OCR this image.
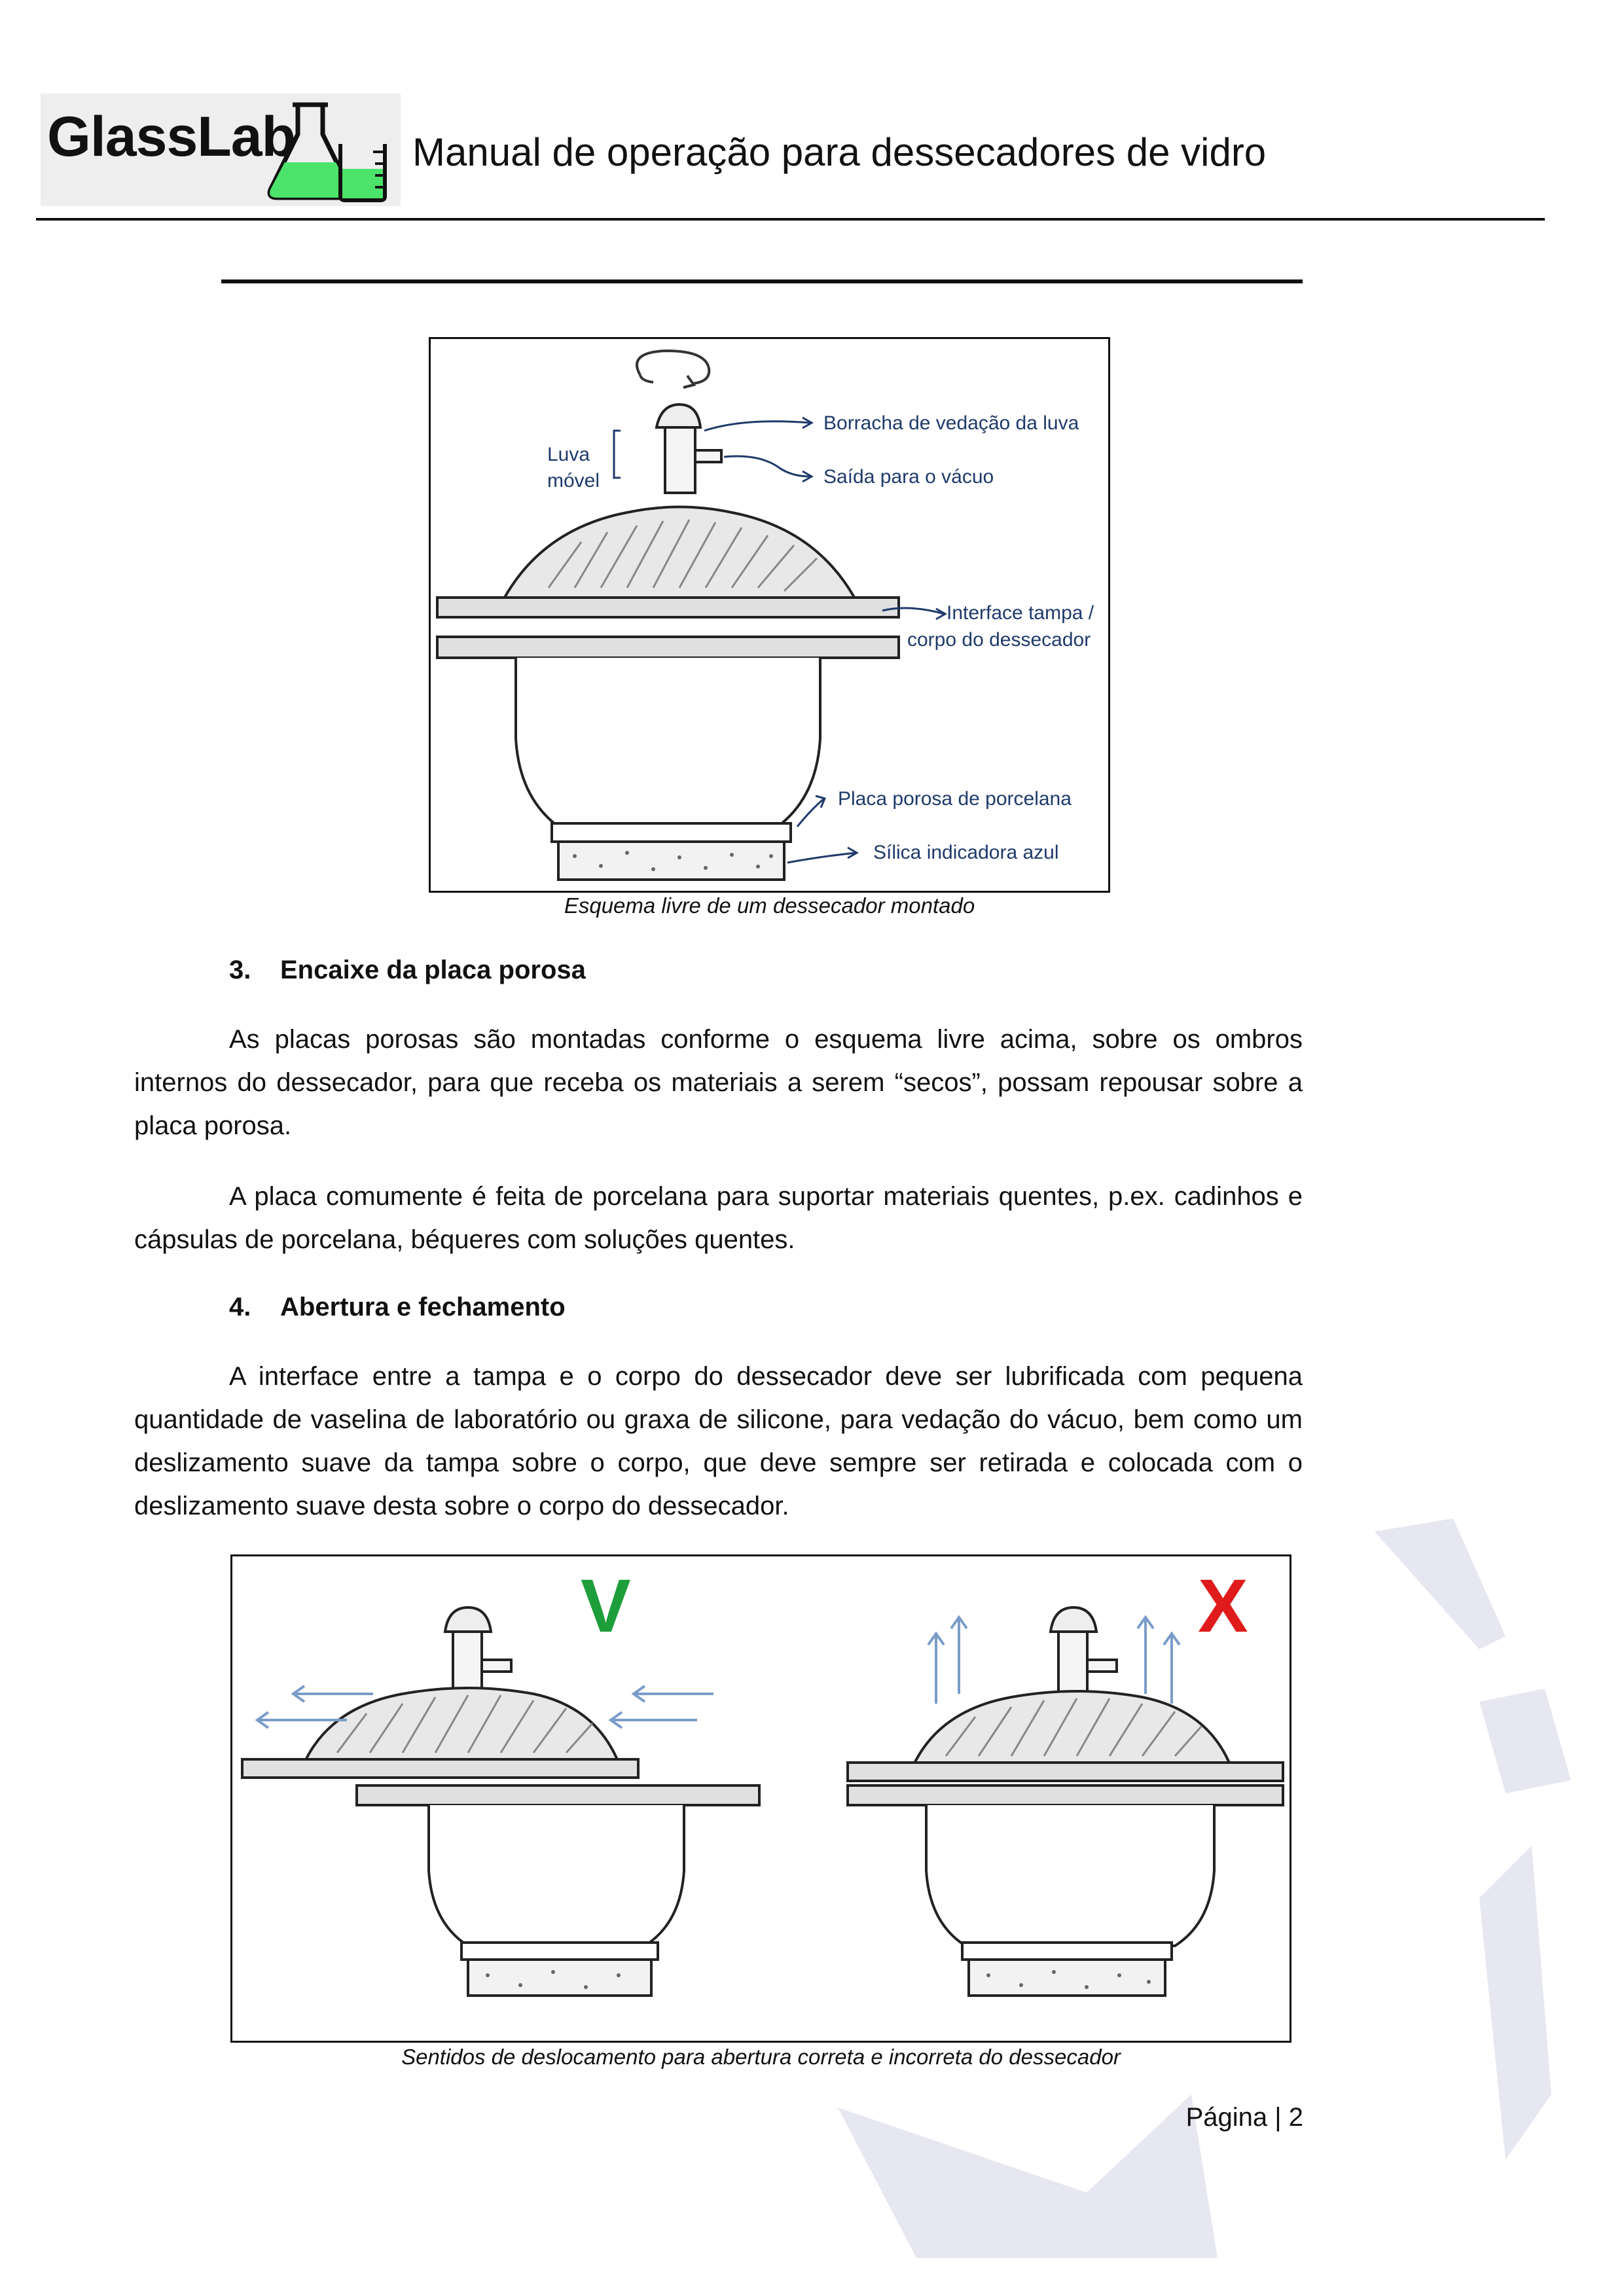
GlassLab	Manual de operação para dessecadores de vidro
Luva
móvel
Borracha de vedação da luva
Saída para o vácuo
Interface tampa /
corpo do dessecador
Placa porosa de porcelana
Sílica indicadora azul
Esquema livre de um dessecador montado
3. Encaixe da placa porosa

As placas porosas são montadas conforme o esquema livre acima, sobre os ombros internos do dessecador, para que receba os materiais a serem “secos”, possam repousar sobre a placa porosa.

A placa comumente é feita de porcelana para suportar materiais quentes, p.ex. cadinhos e cápsulas de porcelana, béqueres com soluções quentes.

4. Abertura e fechamento

A interface entre a tampa e o corpo do dessecador deve ser lubrificada com pequena quantidade de vaselina de laboratório ou graxa de silicone, para vedação do vácuo, bem como um deslizamento suave da tampa sobre o corpo, que deve sempre ser retirada e colocada com o deslizamento suave desta sobre o corpo do dessecador.

V	X
Sentidos de deslocamento para abertura correta e incorreta do dessecador
Página | 2
